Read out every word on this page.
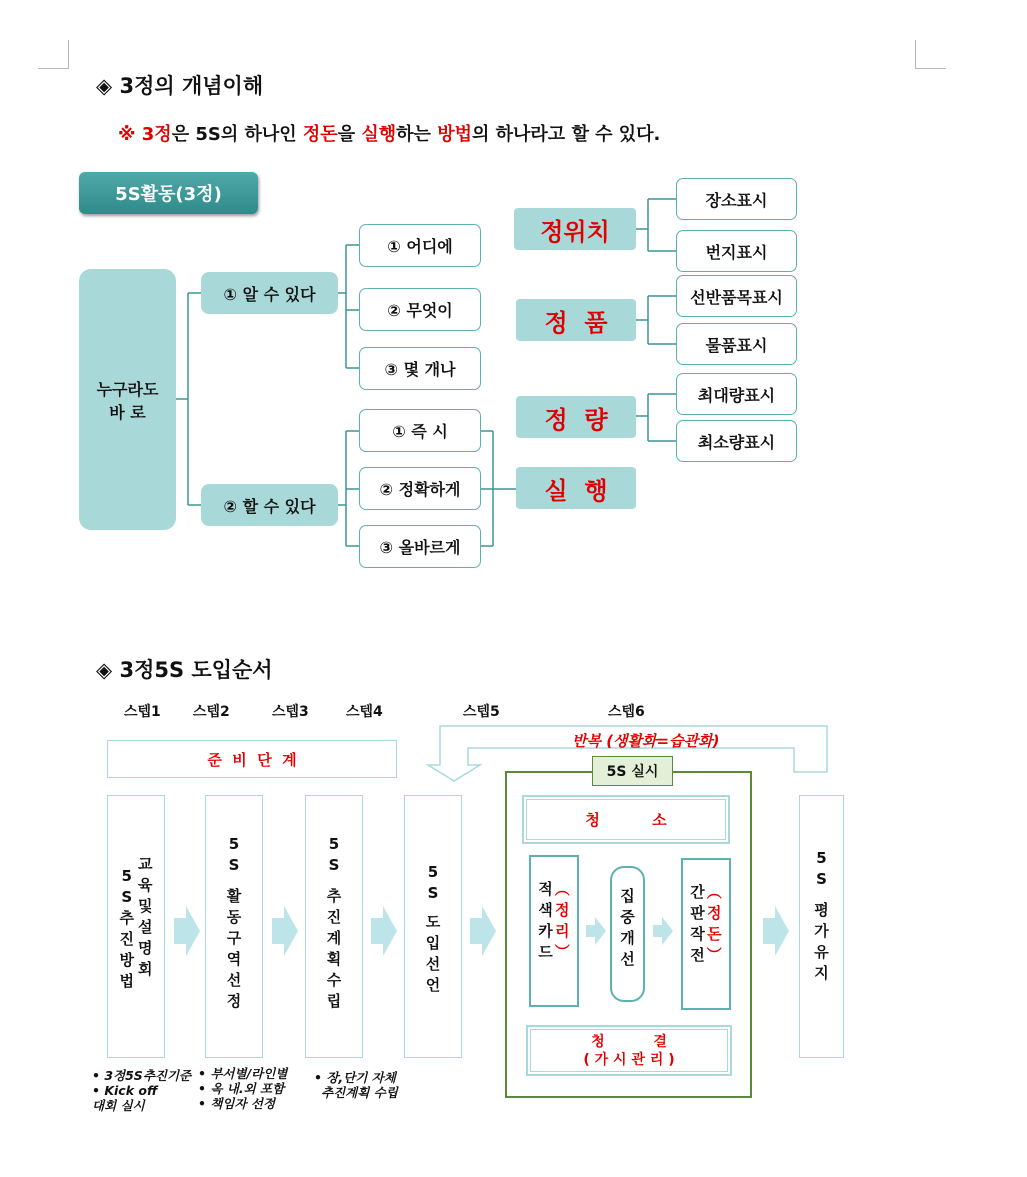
◈ 3정의 개념이해
※ 3정은 5S의 하나인 정돈을 실행하는 방법의 하나라고 할 수 있다.
5S활동(3정)
누구라도
바 로
① 알 수 있다
② 할 수 있다
① 어디에
② 무엇이
③ 몇 개나
① 즉 시
② 정확하게
③ 올바르게
정위치
정  품
정  량
실  행
장소표시
번지표시
선반품목표시
물품표시
최대량표시
최소량표시
◈ 3정5S 도입순서
스텝1 스텝2	스텝3	스텝4	스텝5	스텝6
준  비  단  계
반복 (생활화=습관화)
5S 실시
청          소
청          결
( 가 시 관 리 )
5
S
추
진
방
법
교
육
및
설
명
회
5
S
활
동
구
역
선
정
5
S
추
진
계
획
수
립
5
S
도
입
선
언
5
S
평
가
유
지
적
색
카
드
︵
정
리
︶
집
중
개
선
간
판
작
전
︵
정
돈
︶
• 3정5S추진기준
• Kick off
대회 실시
• 부서별/라인별
• 옥 내.외 포함
• 책임자 선정
• 장,단기 자체
추진계획 수립
